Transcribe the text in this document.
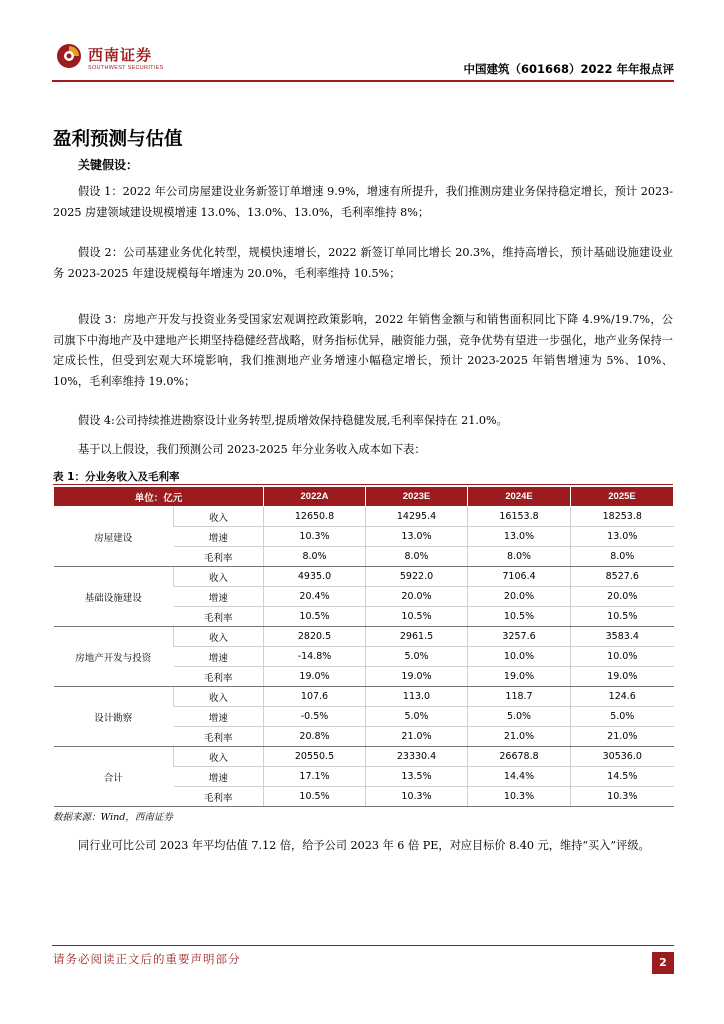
西南证券
SOUTHWEST SECURITIES	中国建筑（601668）2022 年年报点评
盈利预测与估值
关键假设：

假设 1：2022 年公司房屋建设业务新签订单增速 9.9%，增速有所提升，我们推测房建业务保持稳定增长，预计 2023-2025 房建领域建设规模增速 13.0%、13.0%、13.0%，毛利率维持 8%；

假设 2：公司基建业务优化转型，规模快速增长，2022 新签订单同比增长 20.3%，维持高增长，预计基础设施建设业务 2023-2025 年建设规模每年增速为 20.0%，毛利率维持 10.5%；

假设 3：房地产开发与投资业务受国家宏观调控政策影响，2022 年销售金额与和销售面积同比下降 4.9%/19.7%，公司旗下中海地产及中建地产长期坚持稳健经营战略，财务指标优异，融资能力强，竞争优势有望进一步强化，地产业务保持一定成长性，但受到宏观大环境影响，我们推测地产业务增速小幅稳定增长，预计 2023-2025 年销售增速为 5%、10%、10%，毛利率维持 19.0%；

假设 4:公司持续推进勘察设计业务转型,提质增效保持稳健发展,毛利率保持在 21.0%。

基于以上假设，我们预测公司 2023-2025 年分业务收入成本如下表：

表 1：分业务收入及毛利率
单位：亿元		2022A	2023E	2024E	2025E
房屋建设	收入	12650.8	14295.4	16153.8	18253.8
	增速	10.3%	13.0%	13.0%	13.0%
	毛利率	8.0%	8.0%	8.0%	8.0%
基础设施建设	收入	4935.0	5922.0	7106.4	8527.6
	增速	20.4%	20.0%	20.0%	20.0%
	毛利率	10.5%	10.5%	10.5%	10.5%
房地产开发与投资	收入	2820.5	2961.5	3257.6	3583.4
	增速	-14.8%	5.0%	10.0%	10.0%
	毛利率	19.0%	19.0%	19.0%	19.0%
设计勘察	收入	107.6	113.0	118.7	124.6
	增速	-0.5%	5.0%	5.0%	5.0%
	毛利率	20.8%	21.0%	21.0%	21.0%
合计	收入	20550.5	23330.4	26678.8	30536.0
	增速	17.1%	13.5%	14.4%	14.5%
	毛利率	10.5%	10.3%	10.3%	10.3%
数据来源：Wind，西南证券

同行业可比公司 2023 年平均估值 7.12 倍，给予公司 2023 年 6 倍 PE，对应目标价 8.40 元，维持“买入”评级。

请务必阅读正文后的重要声明部分	2
